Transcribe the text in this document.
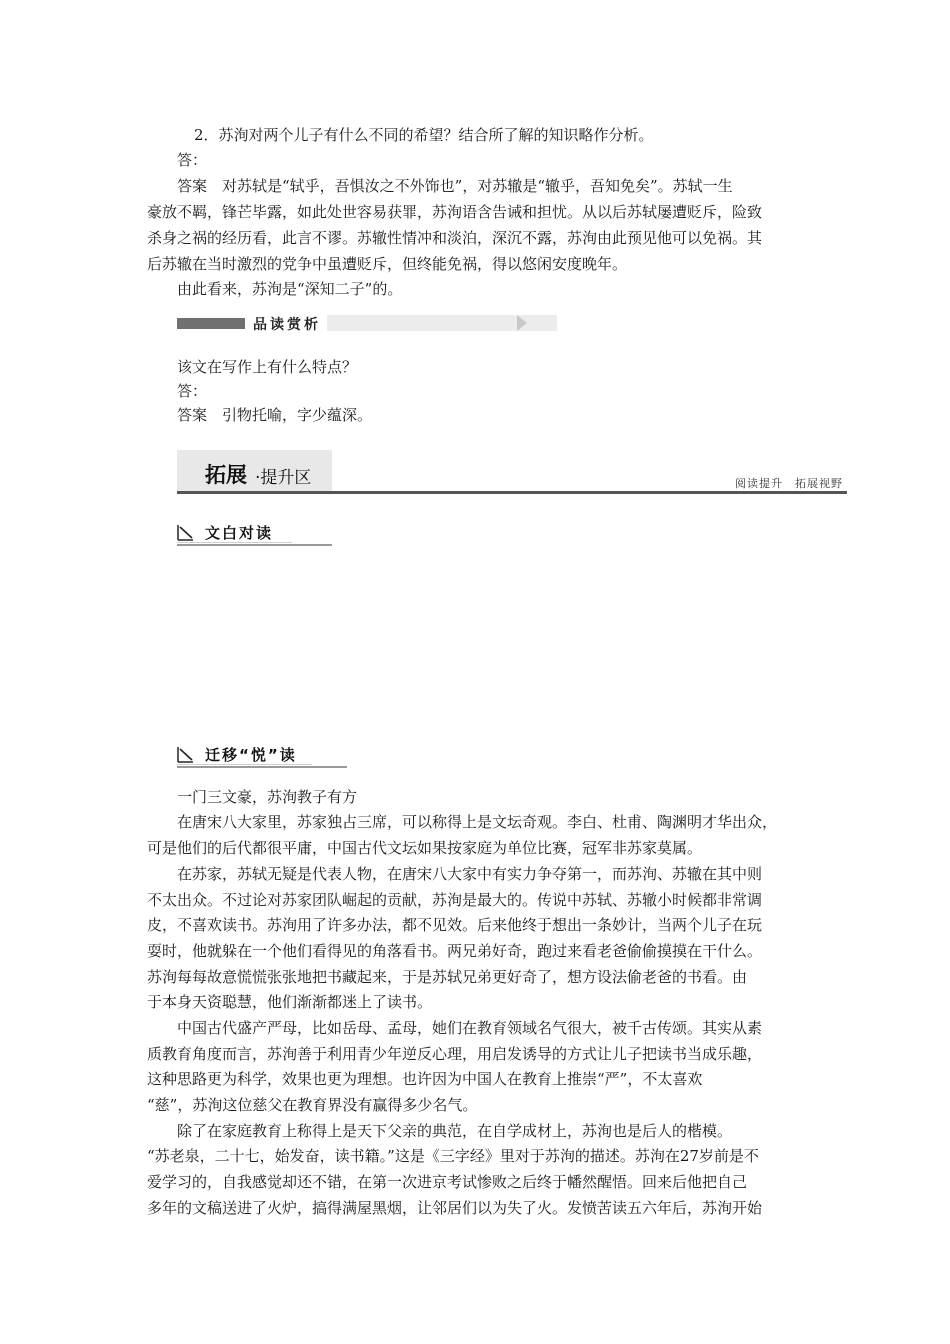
2．苏洵对两个儿子有什么不同的希望？结合所了解的知识略作分析。
答：
答案　对苏轼是“轼乎，吾惧汝之不外饰也”，对苏辙是“辙乎，吾知免矣”。苏轼一生
豪放不羁，锋芒毕露，如此处世容易获罪，苏洵语含告诫和担忧。从以后苏轼屡遭贬斥，险致
杀身之祸的经历看，此言不谬。苏辙性情冲和淡泊，深沉不露，苏洵由此预见他可以免祸。其
后苏辙在当时激烈的党争中虽遭贬斥，但终能免祸，得以悠闲安度晚年。
由此看来，苏洵是“深知二子”的。
品读赏析
该文在写作上有什么特点？
答：
答案　引物托喻，字少蕴深。
拓展 ·提升区	阅读提升　拓展视野
文白对读
迁移“悦”读
一门三文豪，苏洵教子有方
在唐宋八大家里，苏家独占三席，可以称得上是文坛奇观。李白、杜甫、陶渊明才华出众，
可是他们的后代都很平庸，中国古代文坛如果按家庭为单位比赛，冠军非苏家莫属。
在苏家，苏轼无疑是代表人物，在唐宋八大家中有实力争夺第一，而苏洵、苏辙在其中则
不太出众。不过论对苏家团队崛起的贡献，苏洵是最大的。传说中苏轼、苏辙小时候都非常调
皮，不喜欢读书。苏洵用了许多办法，都不见效。后来他终于想出一条妙计，当两个儿子在玩
耍时，他就躲在一个他们看得见的角落看书。两兄弟好奇，跑过来看老爸偷偷摸摸在干什么。
苏洵每每故意慌慌张张地把书藏起来，于是苏轼兄弟更好奇了，想方设法偷老爸的书看。由
于本身天资聪慧，他们渐渐都迷上了读书。
中国古代盛产严母，比如岳母、孟母，她们在教育领域名气很大，被千古传颂。其实从素
质教育角度而言，苏洵善于利用青少年逆反心理，用启发诱导的方式让儿子把读书当成乐趣，
这种思路更为科学，效果也更为理想。也许因为中国人在教育上推崇“严”，不太喜欢
“慈”，苏洵这位慈父在教育界没有赢得多少名气。
除了在家庭教育上称得上是天下父亲的典范，在自学成材上，苏洵也是后人的楷模。
“苏老泉，二十七，始发奋，读书籍。”这是《三字经》里对于苏洵的描述。苏洵在27岁前是不
爱学习的，自我感觉却还不错，在第一次进京考试惨败之后终于幡然醒悟。回来后他把自己
多年的文稿送进了火炉，搞得满屋黑烟，让邻居们以为失了火。发愤苦读五六年后，苏洵开始
